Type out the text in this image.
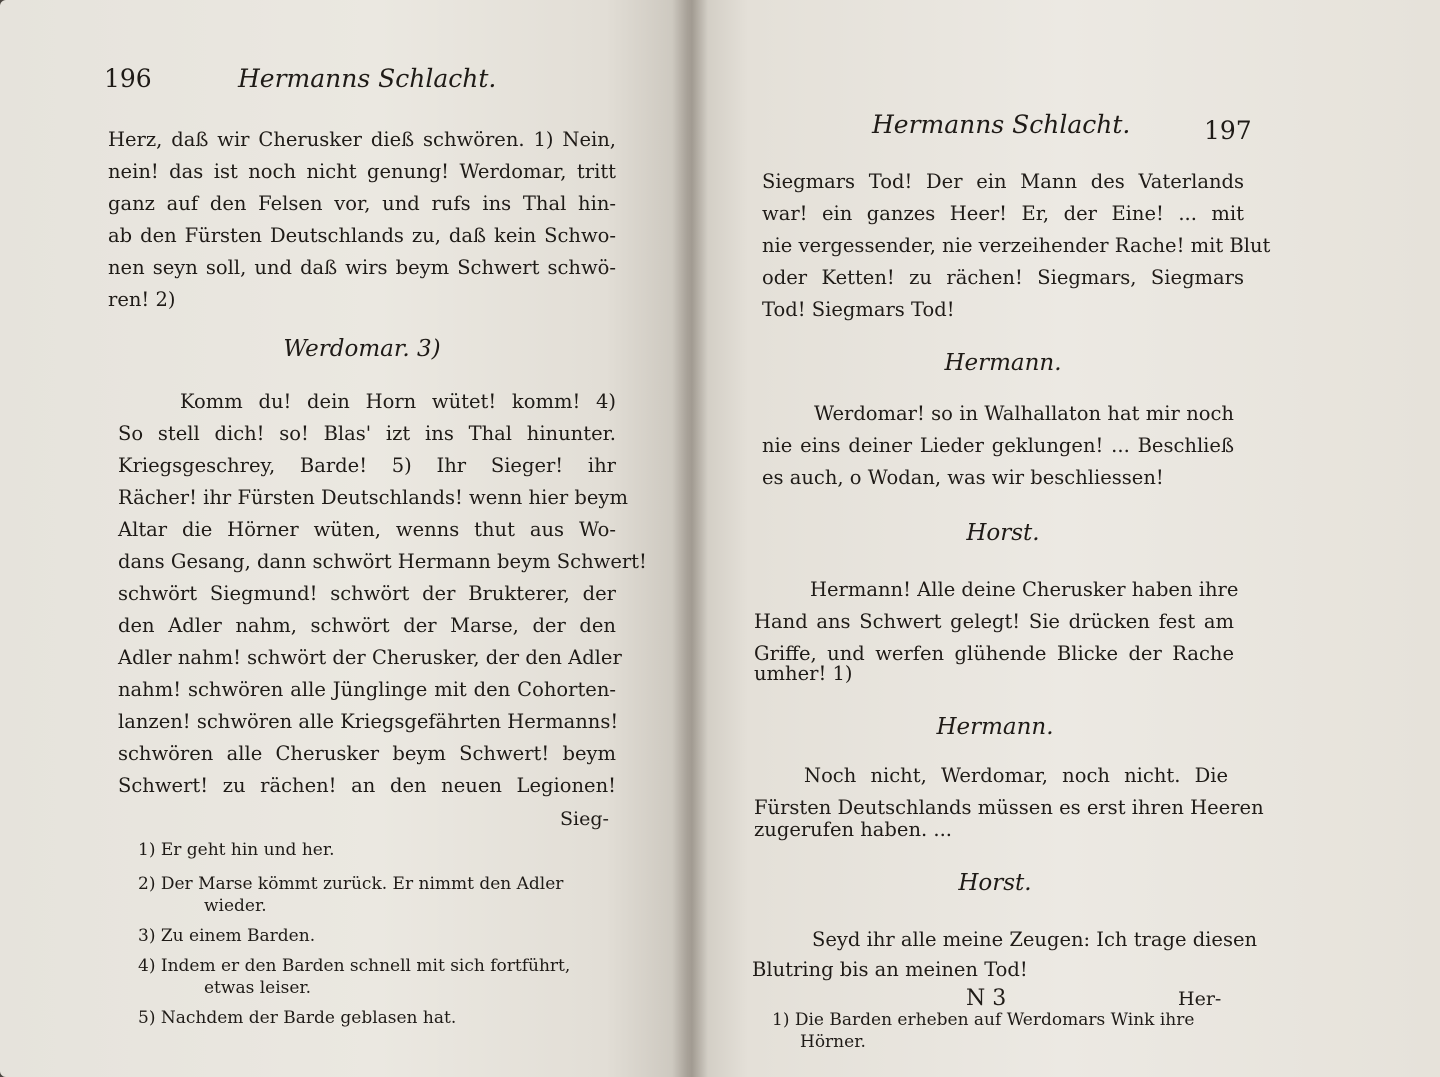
196	Hermanns Schlacht.
Herz, daß wir Cherusker dieß schwören. 1) Nein,
nein! das ist noch nicht genung! Werdomar, tritt
ganz auf den Felsen vor, und rufs ins Thal hin-
ab den Fürsten Deutschlands zu, daß kein Schwo-
nen seyn soll, und daß wirs beym Schwert schwö-
ren! 2)
Werdomar. 3)
Komm du! dein Horn wütet! komm! 4)
So stell dich! so! Blas' izt ins Thal hinunter.
Kriegsgeschrey, Barde! 5) Ihr Sieger! ihr
Rächer! ihr Fürsten Deutschlands! wenn hier beym
Altar die Hörner wüten, wenns thut aus Wo-
dans Gesang, dann schwört Hermann beym Schwert!
schwört Siegmund! schwört der Brukterer, der
den Adler nahm, schwört der Marse, der den
Adler nahm! schwört der Cherusker, der den Adler
nahm! schwören alle Jünglinge mit den Cohorten-
lanzen! schwören alle Kriegsgefährten Hermanns!
schwören alle Cherusker beym Schwert! beym
Schwert! zu rächen! an den neuen Legionen!
Sieg-
1) Er geht hin und her.
2) Der Marse kömmt zurück. Er nimmt den Adler
wieder.
3) Zu einem Barden.
4) Indem er den Barden schnell mit sich fortführt,
etwas leiser.
5) Nachdem der Barde geblasen hat.
Hermanns Schlacht.	197
Siegmars Tod! Der ein Mann des Vaterlands
war! ein ganzes Heer! Er, der Eine! ... mit
nie vergessender, nie verzeihender Rache! mit Blut
oder Ketten! zu rächen! Siegmars, Siegmars
Tod! Siegmars Tod!
Hermann.
Werdomar! so in Walhallaton hat mir noch
nie eins deiner Lieder geklungen! ... Beschließ
es auch, o Wodan, was wir beschliessen!
Horst.
Hermann! Alle deine Cherusker haben ihre
Hand ans Schwert gelegt! Sie drücken fest am
Griffe, und werfen glühende Blicke der Rache
umher! 1)
Hermann.
Noch nicht, Werdomar, noch nicht. Die
Fürsten Deutschlands müssen es erst ihren Heeren
zugerufen haben. ...
Horst.
Seyd ihr alle meine Zeugen: Ich trage diesen
Blutring bis an meinen Tod!
N 3	Her-
1) Die Barden erheben auf Werdomars Wink ihre
Hörner.
